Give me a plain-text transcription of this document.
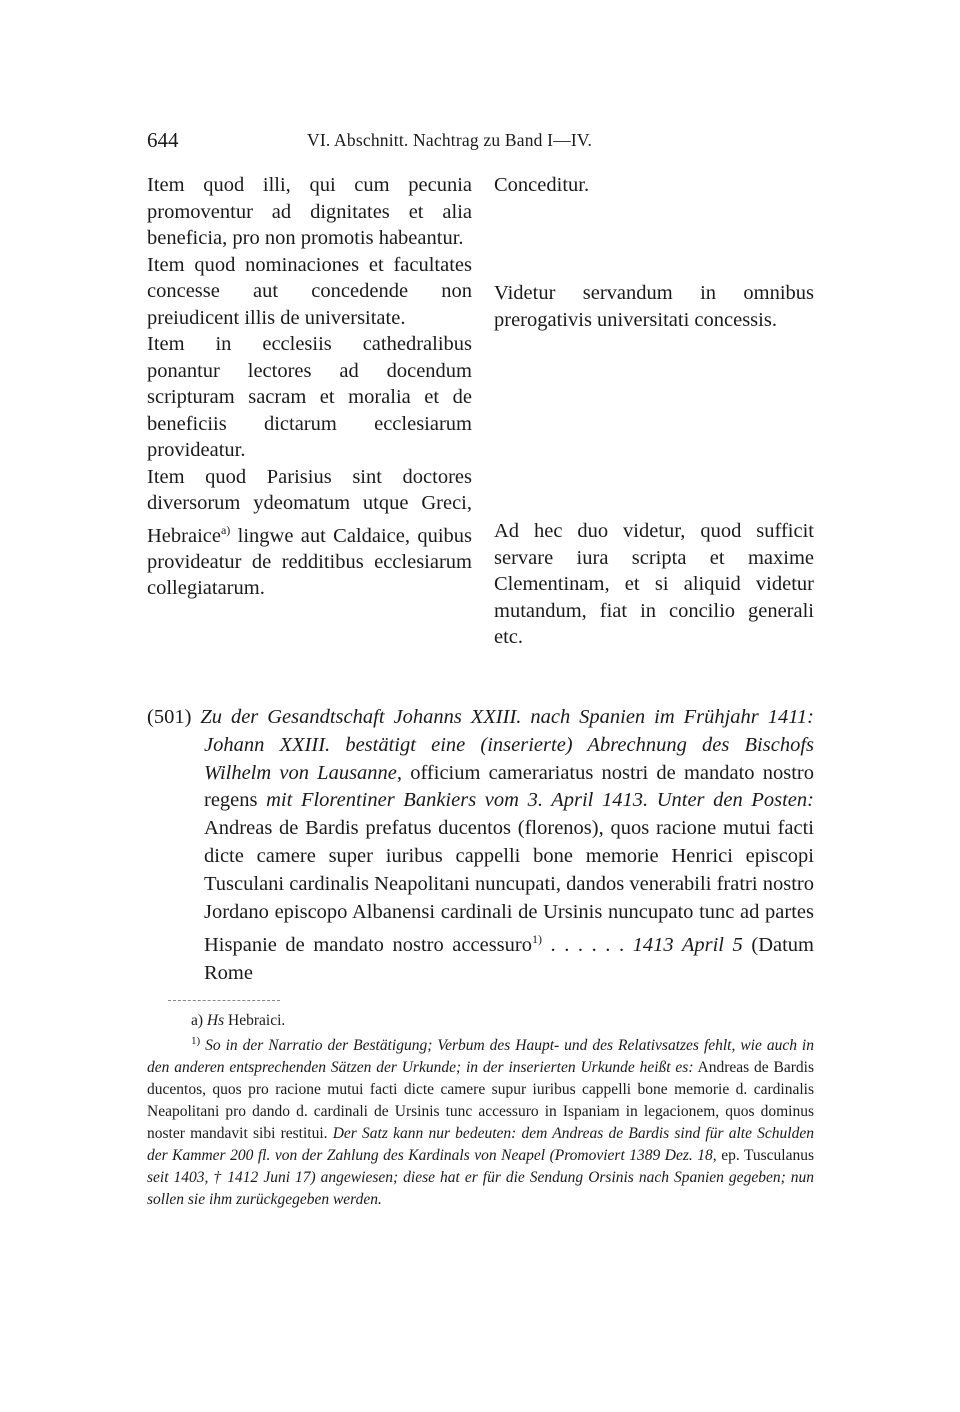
644	VI. Abschnitt. Nachtrag zu Band I—IV.

Item quod illi, qui cum pecunia promoventur ad dignitates et alia beneficia, pro non promotis habeantur.

Item quod nominaciones et facultates concesse aut concedende non preiudicent illis de universitate.

Item in ecclesiis cathedralibus ponantur lectores ad docendum scripturam sacram et moralia et de beneficiis dictarum ecclesiarum provideatur.

Item quod Parisius sint doctores diversorum ydeomatum utque Greci, Hebraice$^{a)}$ lingwe aut Caldaice, quibus provideatur de redditibus ecclesiarum collegiatarum.

Conceditur.
Videtur servandum in omnibus prerogativis universitati concessis.
Ad hec duo videtur, quod sufficit servare iura scripta et maxime Clementinam, et si aliquid videtur mutandum, fiat in concilio generali etc.

(501) Zu der Gesandtschaft Johanns XXIII. nach Spanien im Frühjahr 1411: Johann XXIII. bestätigt eine (inserierte) Abrechnung des Bischofs Wilhelm von Lausanne, officium camerariatus nostri de mandato nostro regens mit Florentiner Bankiers vom 3. April 1413. Unter den Posten: Andreas de Bardis prefatus ducentos (florenos), quos racione mutui facti dicte camere super iuribus cappelli bone memorie Henrici episcopi Tusculani cardinalis Neapolitani nuncupati, dandos venerabili fratri nostro Jordano episcopo Albanensi cardinali de Ursinis nuncupato tunc ad partes Hispanie de mandato nostro accessuro$^{1)}$ . . . . . . 1413 April 5 (Datum Rome

a) Hs Hebraici.

$^{1)}$ So in der Narratio der Bestätigung; Verbum des Haupt- und des Relativsatzes fehlt, wie auch in den anderen entsprechenden Sätzen der Urkunde; in der inserierten Urkunde heißt es: Andreas de Bardis ducentos, quos pro racione mutui facti dicte camere supur iuribus cappelli bone memorie d. cardinalis Neapolitani pro dando d. cardinali de Ursinis tunc accessuro in Ispaniam in legacionem, quos dominus noster mandavit sibi restitui. Der Satz kann nur bedeuten: dem Andreas de Bardis sind für alte Schulden der Kammer 200 fl. von der Zahlung des Kardinals von Neapel (Promoviert 1389 Dez. 18, ep. Tusculanus seit 1403, † 1412 Juni 17) angewiesen; diese hat er für die Sendung Orsinis nach Spanien gegeben; nun sollen sie ihm zurückgegeben werden.
